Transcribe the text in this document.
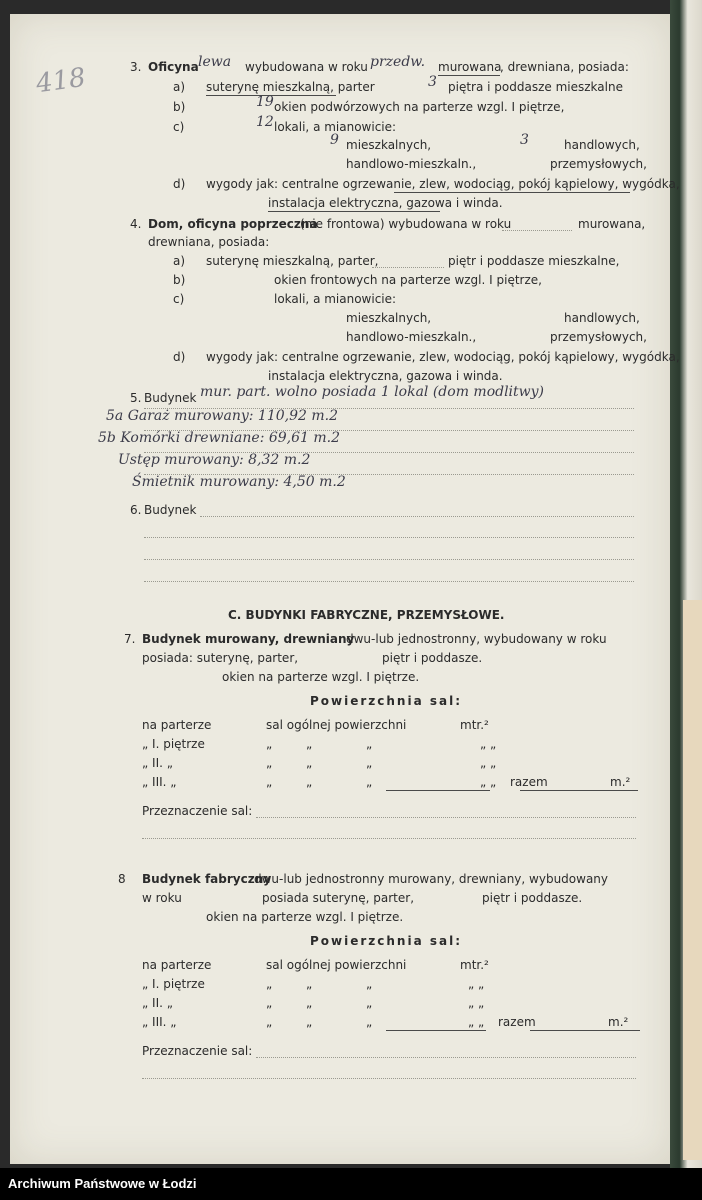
418	3. Oficyna lewa wybudowana w roku przedw. murowana
, drewniana, posiada:
a) suterynę mieszkalną, parter	3 piętra i poddasze mieszkalne
b)	19 okien podwórzowych na parterze wzgl. I piętrze,
c)	12 lokali, a mianowicie:
9 mieszkalnych,	3	handlowych,
handlowo-mieszkaln.,	przemysłowych,
d) wygody jak: centralne ogrzewanie, zlew, wodociąg, pokój kąpielowy, wygódka,
instalacja elektryczna, gazowa i winda.
4. Dom, oficyna poprzeczna
(nie frontowa) wybudowana w roku	murowana,
drewniana, posiada:
a) suterynę mieszkalną, parter,	piętr i poddasze mieszkalne,
b)	okien frontowych na parterze wzgl. I piętrze,
c)	lokali, a mianowicie:
mieszkalnych,	handlowych,
handlowo-mieszkaln.,	przemysłowych,
d) wygody jak: centralne ogrzewanie, zlew, wodociąg, pokój kąpielowy, wygódka,
instalacja elektryczna, gazowa i winda.
5. Budynek mur. part. wolno posiada 1 lokal (dom modlitwy)
5a Garaż murowany: 110,92 m.2
5b Komórki drewniane: 69,61 m.2
Ustęp murowany: 8,32 m.2
Śmietnik murowany: 4,50 m.2
6. Budynek
C. BUDYNKI FABRYCZNE, PRZEMYSŁOWE.
7. Budynek murowany, drewniany
dwu-lub jednostronny, wybudowany w roku
posiada: suterynę, parter,	piętr i poddasze.
okien na parterze wzgl. I piętrze.
Powierzchnia sal:
na parterze	sal ogólnej powierzchni	mtr.²
„ I. piętrze	„	„	„	„ „
„ II. „	„	„	„	„ „
„ III. „	„	„	„	„ „ razem	m.²
Przeznaczenie sal:
8 Budynek fabryczny
dwu-lub jednostronny murowany, drewniany, wybudowany
w roku	posiada suterynę, parter,	piętr i poddasze.
okien na parterze wzgl. I piętrze.
Powierzchnia sal:
na parterze	sal ogólnej powierzchni	mtr.²
„ I. piętrze	„	„	„	„ „
„ II. „	„	„	„	„ „
„ III. „	„	„	„	„ „ razem	m.²
Przeznaczenie sal:
Archiwum Państwowe w Łodzi
